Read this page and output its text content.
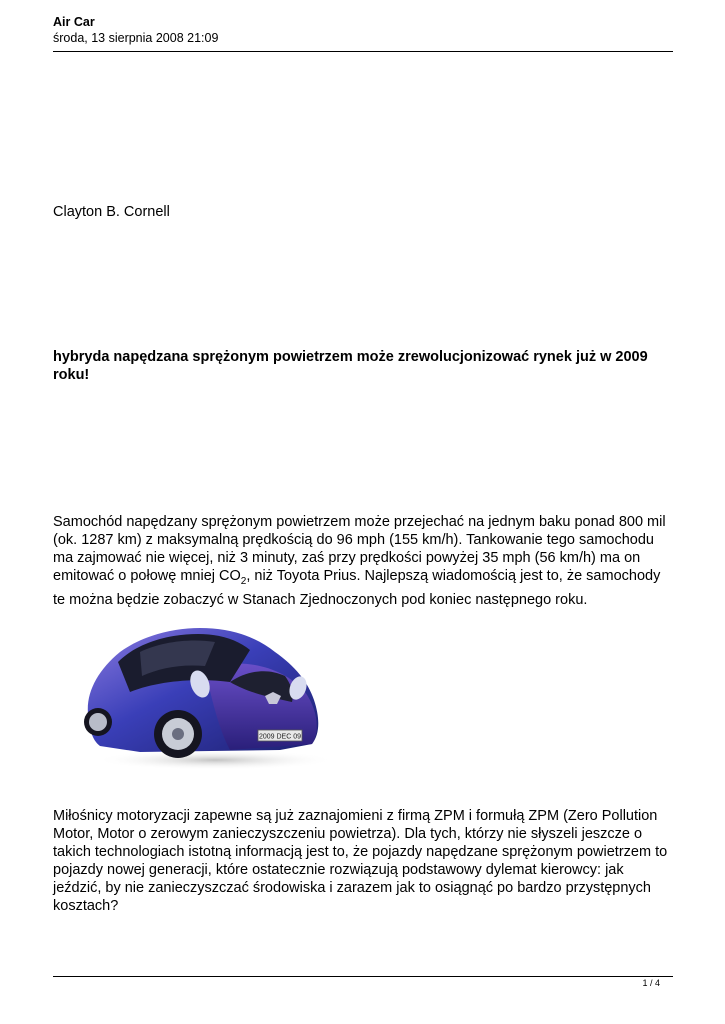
Air Car
środa, 13 sierpnia 2008 21:09
Clayton B. Cornell
hybryda napędzana sprężonym powietrzem może zrewolucjonizować rynek już w 2009 roku!
Samochód napędzany sprężonym powietrzem może przejechać na jednym baku ponad 800 mil (ok. 1287 km) z maksymalną prędkością do 96 mph (155 km/h). Tankowanie tego samochodu ma zajmować nie więcej, niż 3 minuty, zaś przy prędkości powyżej 35 mph (56 km/h) ma on emitować o połowę mniej $CO_2$, niż Toyota Prius. Najlepszą wiadomością jest to, że samochody te można będzie zobaczyć w Stanach Zjednoczonych pod koniec następnego roku.
2009 DEC 09
Miłośnicy motoryzacji zapewne są już zaznajomieni z firmą ZPM i formułą ZPM (Zero Pollution Motor, Motor o zerowym zanieczyszczeniu powietrza). Dla tych, którzy nie słyszeli jeszcze o takich technologiach istotną informacją jest to, że pojazdy napędzane sprężonym powietrzem to pojazdy nowej generacji, które ostatecznie rozwiązują podstawowy dylemat kierowcy: jak jeździć, by nie zanieczyszczać środowiska i zarazem jak to osiągnąć po bardzo przystępnych kosztach?
1 / 4
